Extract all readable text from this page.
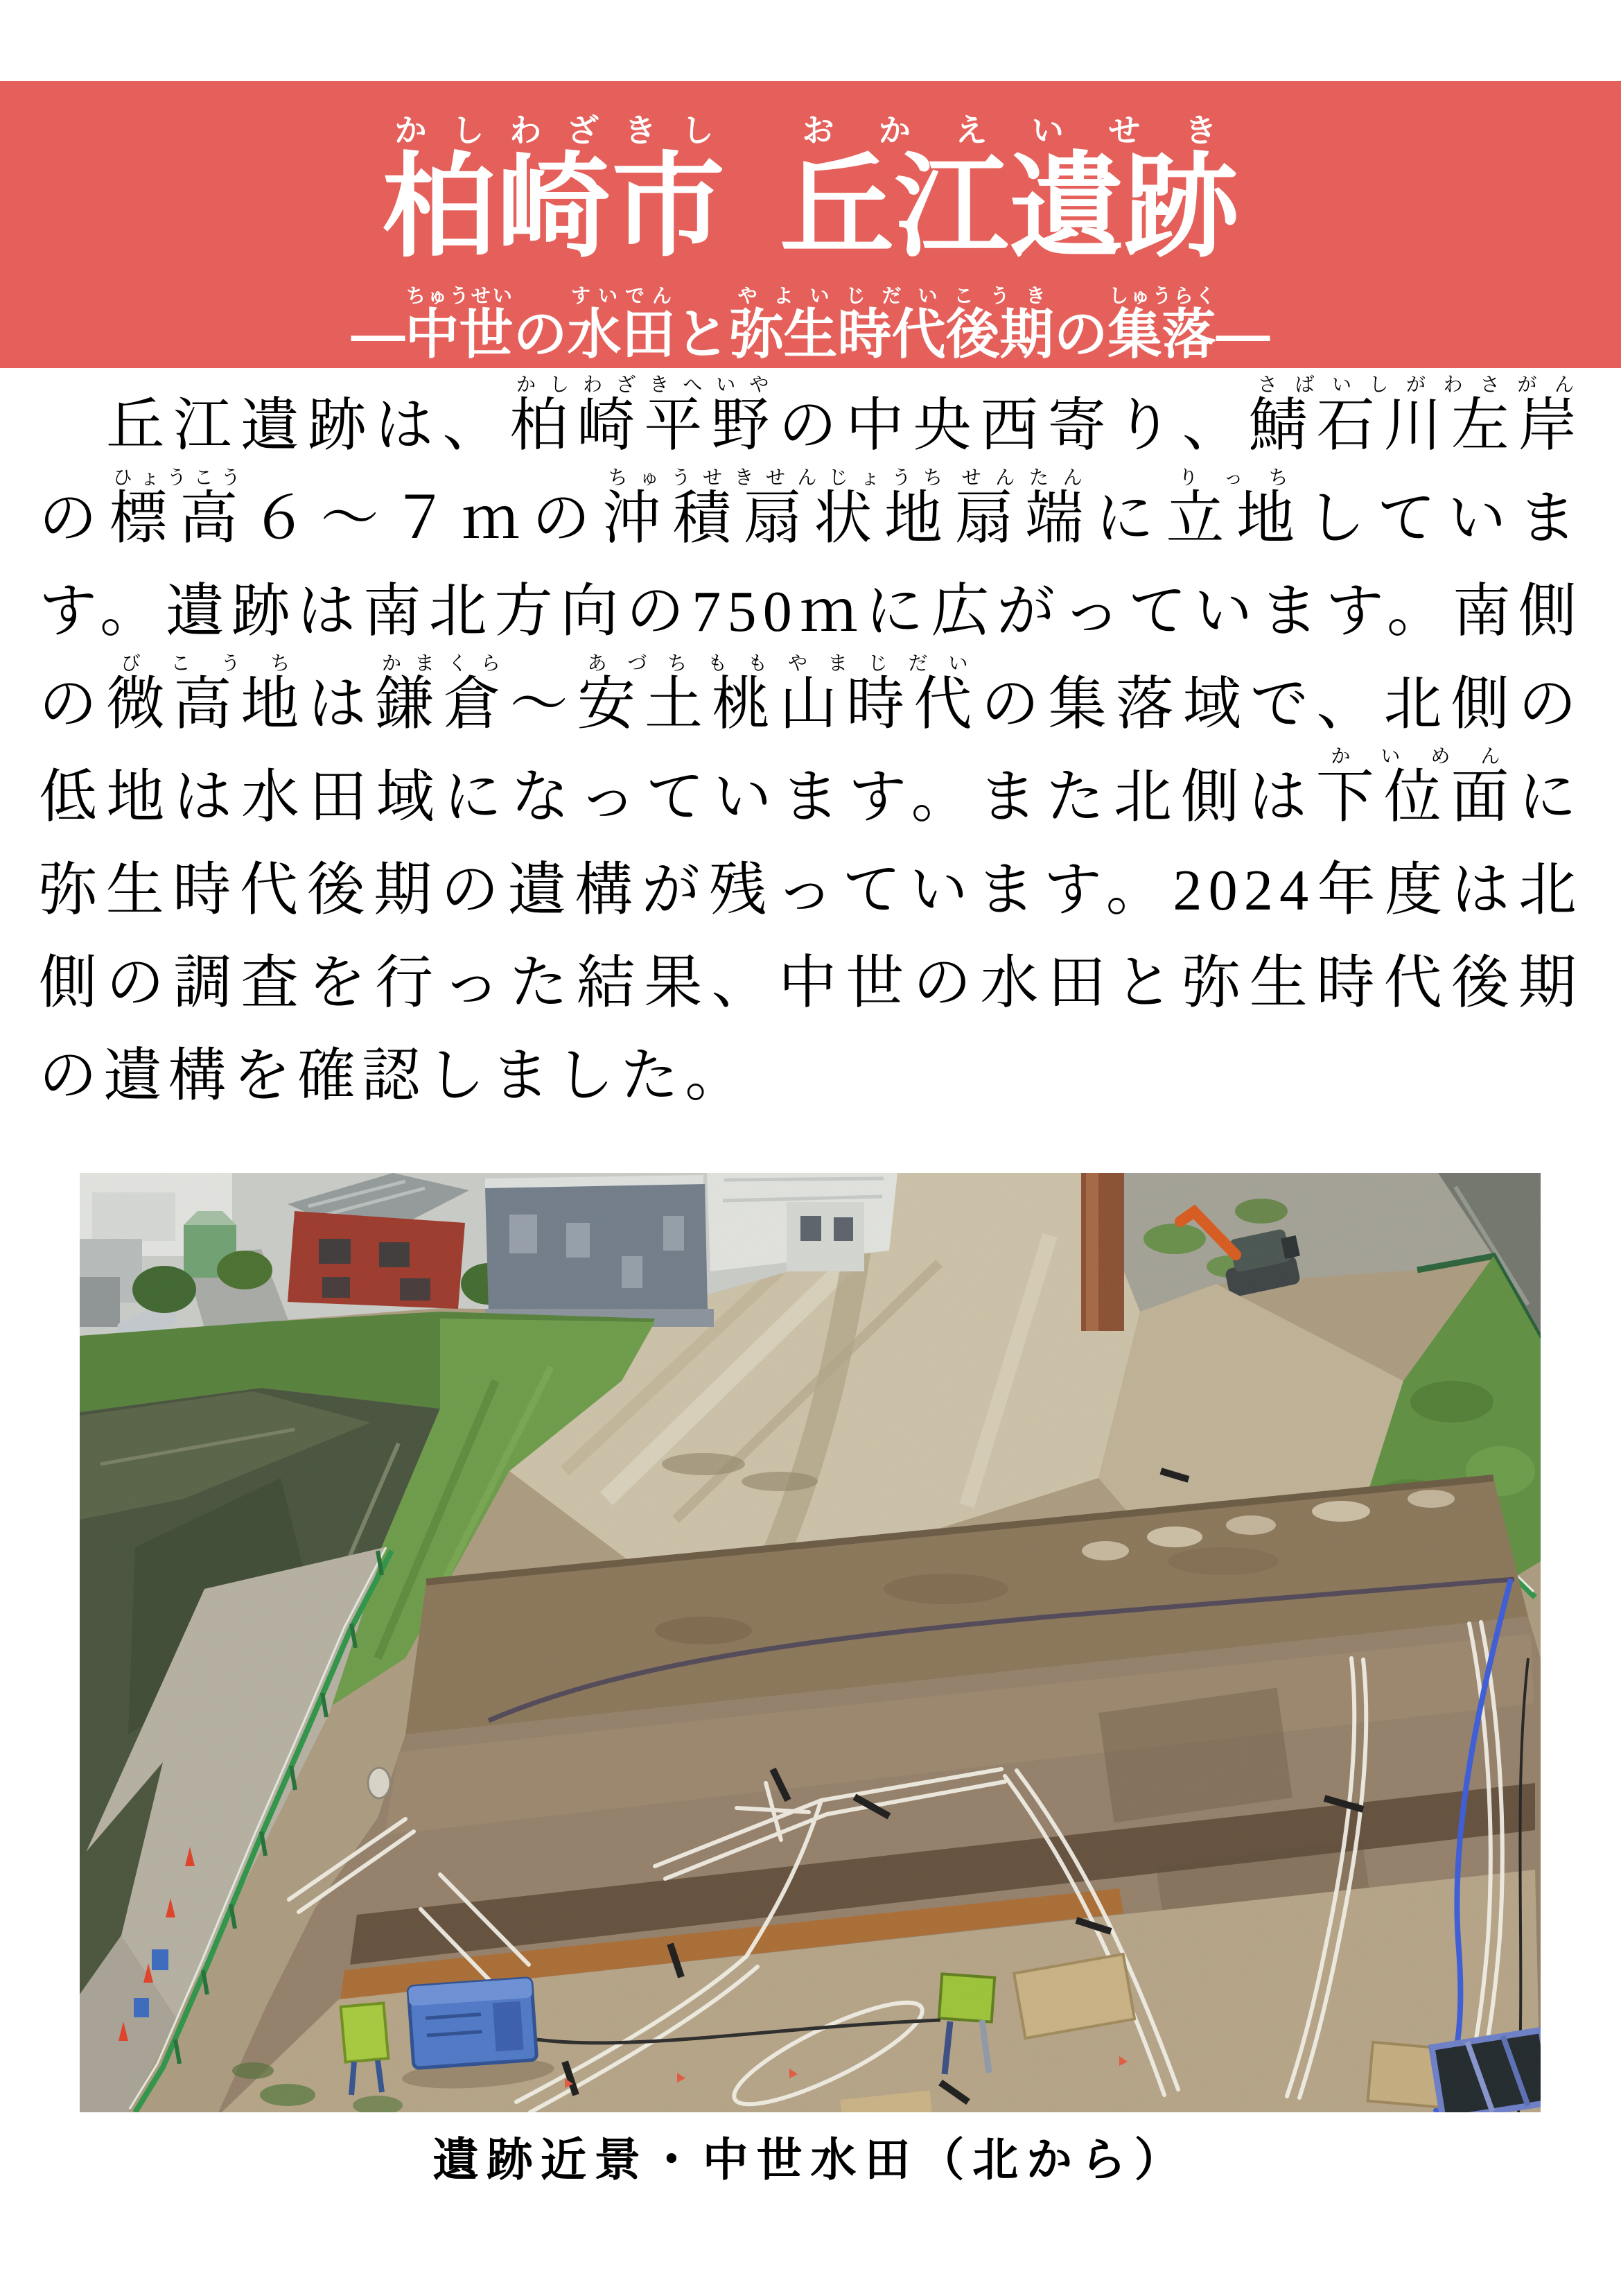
柏崎市かしわざきし 丘江遺跡おかえいせき
―中世ちゅうせいの水田すいでんと弥生時代後期やよいじだいこうきの集落しゅうらく―
　丘江遺跡は、柏崎平野かしわざきへいやの中央西寄り、鯖石川左岸さばいしがわさがんの標高ひょうこう６～７ｍの沖積扇状地ちゅうせきせんじょうち扇端せんたんに立地りっちしています。遺跡は南北方向の750ｍに広がっています。南側の微高地びこうちは鎌倉かまくら～安土桃山時代あづちももやまじだいの集落域で、北側の低地は水田域になっています。また北側は下位面かいめんに弥生時代後期の遺構が残っています。2024年度は北側の調査を行った結果、中世の水田と弥生時代後期の遺構を確認しました。
遺跡近景・中世水田（北から）
